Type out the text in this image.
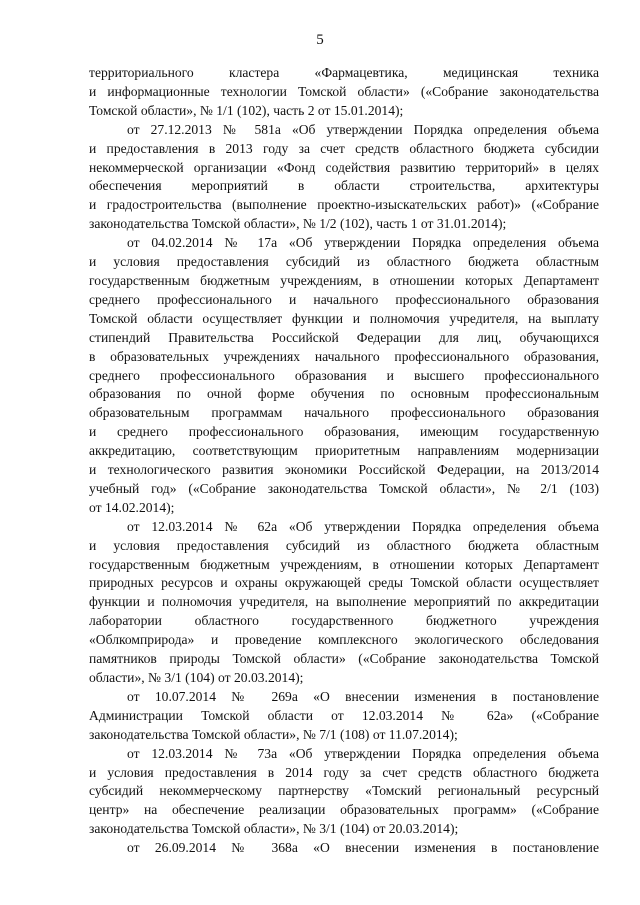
5

территориального кластера «Фармацевтика, медицинская техника
и информационные технологии Томской области» («Собрание законодательства
Томской области», № 1/1 (102), часть 2 от 15.01.2014);

от 27.12.2013 № 581а «Об утверждении Порядка определения объема
и предоставления в 2013 году за счет средств областного бюджета субсидии
некоммерческой организации «Фонд содействия развитию территорий» в целях
обеспечения мероприятий в области строительства, архитектуры
и градостроительства (выполнение проектно-изыскательских работ)» («Собрание
законодательства Томской области», № 1/2 (102), часть 1 от 31.01.2014);

от 04.02.2014 № 17а «Об утверждении Порядка определения объема
и условия предоставления субсидий из областного бюджета областным
государственным бюджетным учреждениям, в отношении которых Департамент
среднего профессионального и начального профессионального образования
Томской области осуществляет функции и полномочия учредителя, на выплату
стипендий Правительства Российской Федерации для лиц, обучающихся
в образовательных учреждениях начального профессионального образования,
среднего профессионального образования и высшего профессионального
образования по очной форме обучения по основным профессиональным
образовательным программам начального профессионального образования
и среднего профессионального образования, имеющим государственную
аккредитацию, соответствующим приоритетным направлениям модернизации
и технологического развития экономики Российской Федерации, на 2013/2014
учебный год» («Собрание законодательства Томской области», № 2/1 (103)
от 14.02.2014);

от 12.03.2014 № 62а «Об утверждении Порядка определения объема
и условия предоставления субсидий из областного бюджета областным
государственным бюджетным учреждениям, в отношении которых Департамент
природных ресурсов и охраны окружающей среды Томской области осуществляет
функции и полномочия учредителя, на выполнение мероприятий по аккредитации
лаборатории областного государственного бюджетного учреждения
«Облкомприрода» и проведение комплексного экологического обследования
памятников природы Томской области» («Собрание законодательства Томской
области», № 3/1 (104) от 20.03.2014);

от 10.07.2014 № 269а «О внесении изменения в постановление
Администрации Томской области от 12.03.2014 № 62а» («Собрание
законодательства Томской области», № 7/1 (108) от 11.07.2014);

от 12.03.2014 № 73а «Об утверждении Порядка определения объема
и условия предоставления в 2014 году за счет средств областного бюджета
субсидий некоммерческому партнерству «Томский региональный ресурсный
центр» на обеспечение реализации образовательных программ» («Собрание
законодательства Томской области», № 3/1 (104) от 20.03.2014);

от 26.09.2014 № 368а «О внесении изменения в постановление
